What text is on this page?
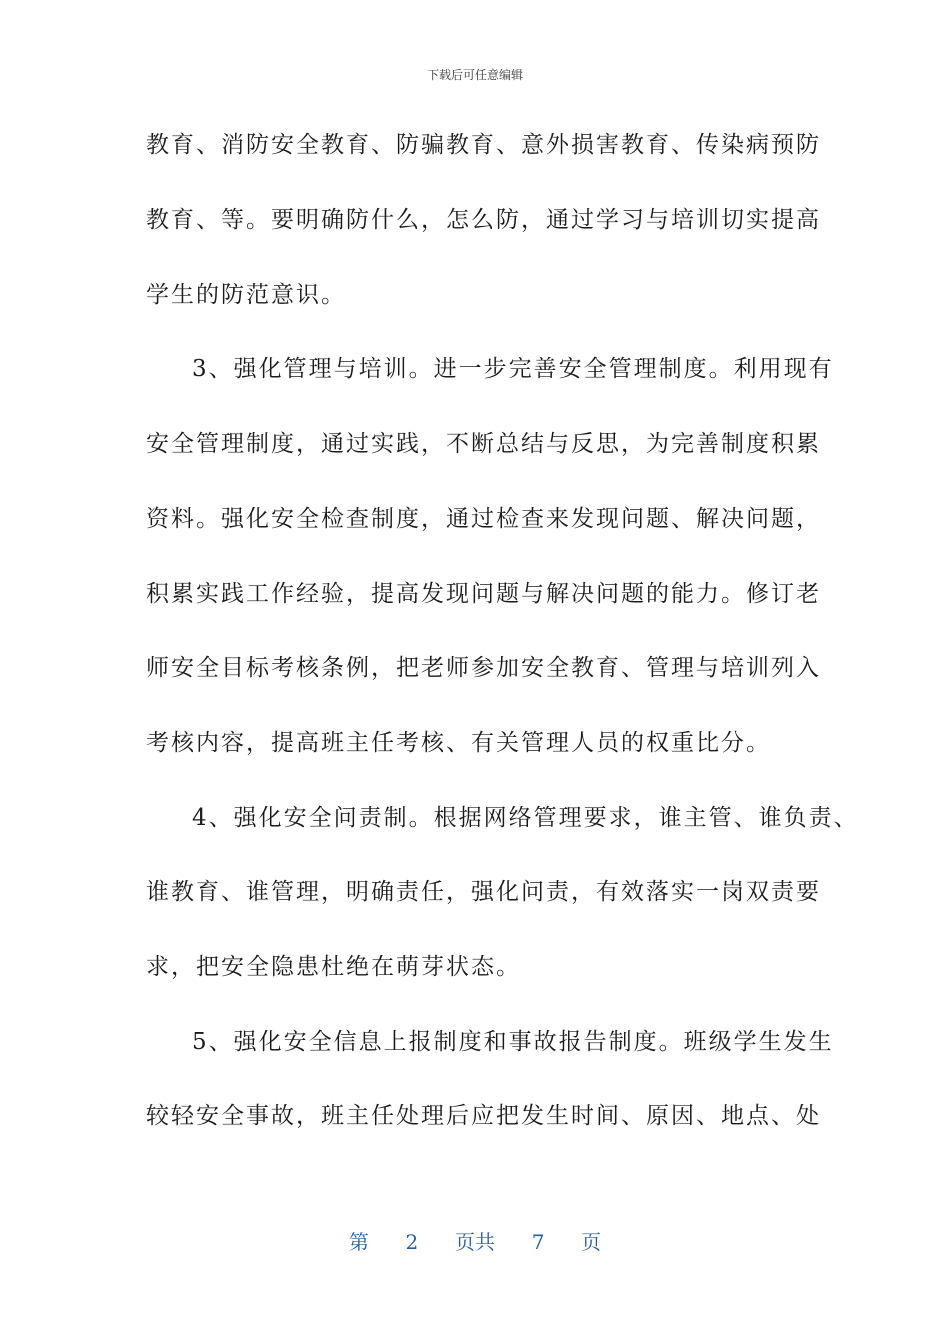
下载后可任意编辑
教育、消防安全教育、防骗教育、意外损害教育、传染病预防
教育、等。要明确防什么，怎么防，通过学习与培训切实提高
学生的防范意识。
3、强化管理与培训。进一步完善安全管理制度。利用现有
安全管理制度，通过实践，不断总结与反思，为完善制度积累
资料。强化安全检查制度，通过检查来发现问题、解决问题，
积累实践工作经验，提高发现问题与解决问题的能力。修订老
师安全目标考核条例，把老师参加安全教育、管理与培训列入
考核内容，提高班主任考核、有关管理人员的权重比分。
4、强化安全问责制。根据网络管理要求，谁主管、谁负责、
谁教育、谁管理，明确责任，强化问责，有效落实一岗双责要
求，把安全隐患杜绝在萌芽状态。
5、强化安全信息上报制度和事故报告制度。班级学生发生
较轻安全事故，班主任处理后应把发生时间、原因、地点、处
第 2 页共 7 页
